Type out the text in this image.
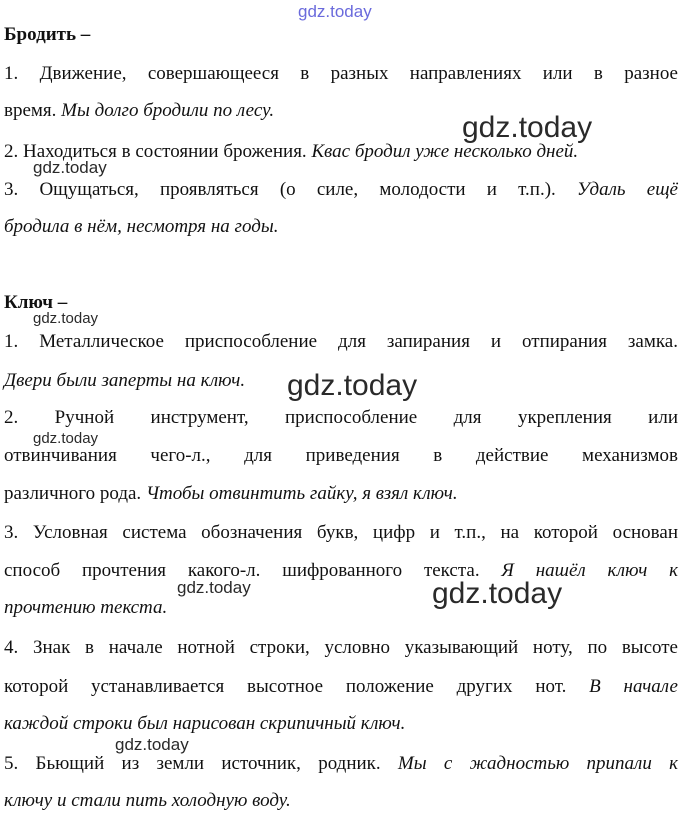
Бродить –
1. Движение, совершающееся в разных направлениях или в разное
время. Мы долго бродили по лесу.
2. Находиться в состоянии брожения. Квас бродил уже несколько дней.
3. Ощущаться, проявляться (о силе, молодости и т.п.). Удаль ещё
бродила в нём, несмотря на годы.
Ключ –
1. Металлическое приспособление для запирания и отпирания замка.
Двери были заперты на ключ.
2. Ручной инструмент, приспособление для укрепления или
отвинчивания чего-л., для приведения в действие механизмов
различного рода. Чтобы отвинтить гайку, я взял ключ.
3. Условная система обозначения букв, цифр и т.п., на которой основан
способ прочтения какого-л. шифрованного текста. Я нашёл ключ к
прочтению текста.
4. Знак в начале нотной строки, условно указывающий ноту, по высоте
которой устанавливается высотное положение других нот. В начале
каждой строки был нарисован скрипичный ключ.
5. Бьющий из земли источник, родник. Мы с жадностью припали к
ключу и стали пить холодную воду.
gdz.today
gdz.today
gdz.today
gdz.today
gdz.today
gdz.today
gdz.today	gdz.today
gdz.today
